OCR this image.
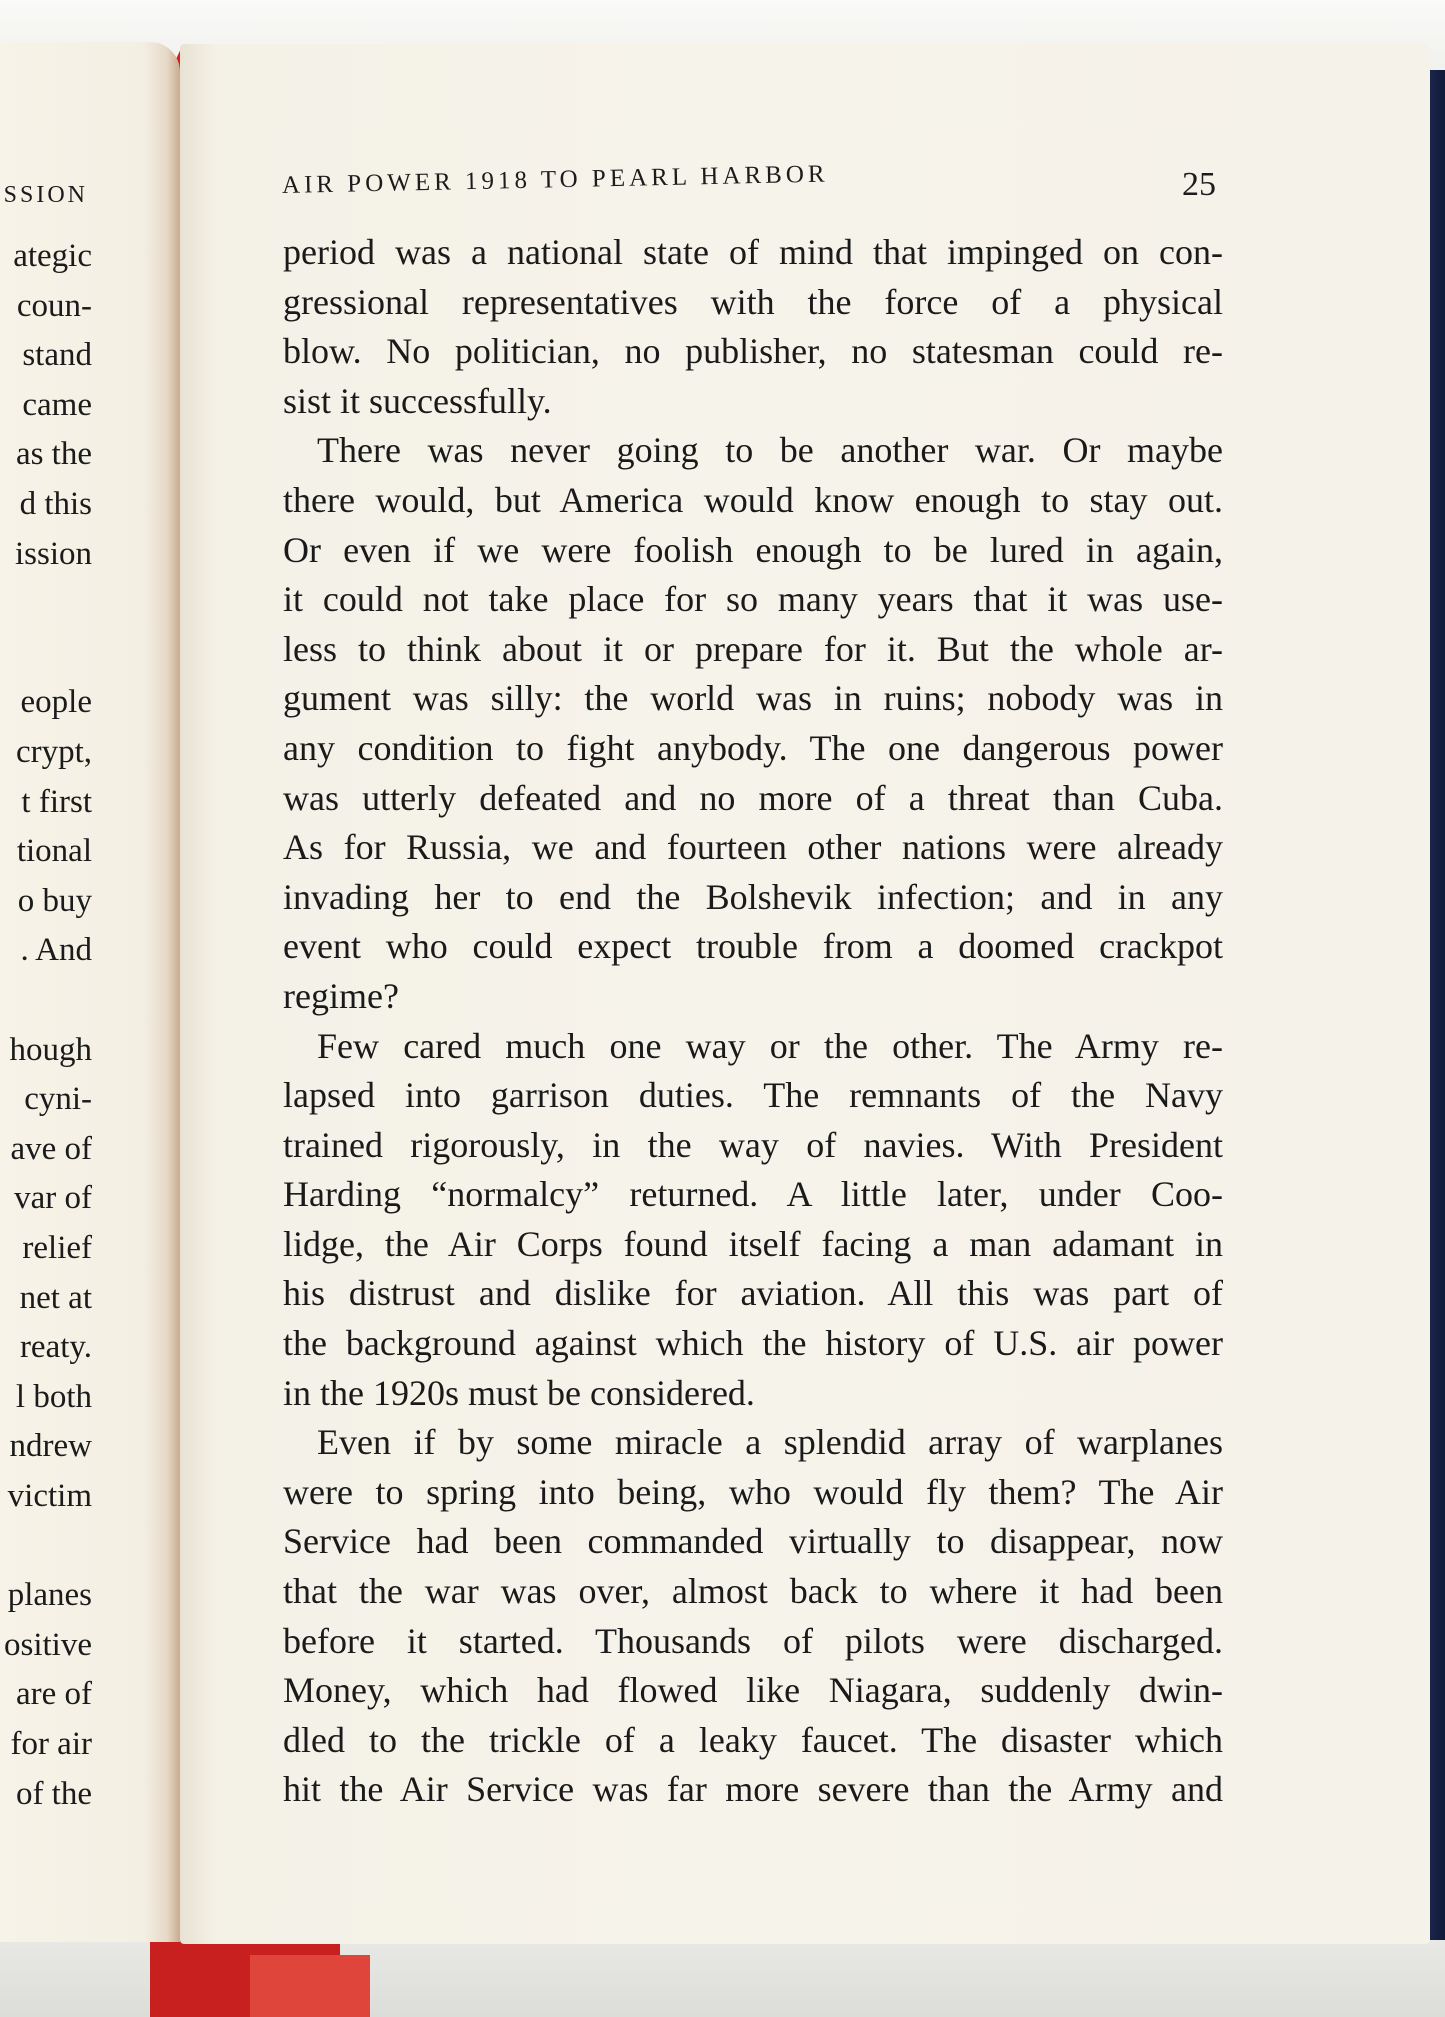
SSION

ategic

coun-

stand

came

as the

d this

ission

eople

crypt,

t first

tional

o buy

. And

hough

cyni-

ave of

var of

relief

net at

reaty.

l both

ndrew

victim

planes

ositive

are of

for air

of the

AIR POWER 1918 TO PEARL HARBOR	25

period was a national state of mind that impinged on con-
gressional representatives with the force of a physical
blow. No politician, no publisher, no statesman could re-
sist it successfully.
There was never going to be another war. Or maybe
there would, but America would know enough to stay out.
Or even if we were foolish enough to be lured in again,
it could not take place for so many years that it was use-
less to think about it or prepare for it. But the whole ar-
gument was silly: the world was in ruins; nobody was in
any condition to fight anybody. The one dangerous power
was utterly defeated and no more of a threat than Cuba.
As for Russia, we and fourteen other nations were already
invading her to end the Bolshevik infection; and in any
event who could expect trouble from a doomed crackpot
regime?
Few cared much one way or the other. The Army re-
lapsed into garrison duties. The remnants of the Navy
trained rigorously, in the way of navies. With President
Harding “normalcy” returned. A little later, under Coo-
lidge, the Air Corps found itself facing a man adamant in
his distrust and dislike for aviation. All this was part of
the background against which the history of U.S. air power
in the 1920s must be considered.
Even if by some miracle a splendid array of warplanes
were to spring into being, who would fly them? The Air
Service had been commanded virtually to disappear, now
that the war was over, almost back to where it had been
before it started. Thousands of pilots were discharged.
Money, which had flowed like Niagara, suddenly dwin-
dled to the trickle of a leaky faucet. The disaster which
hit the Air Service was far more severe than the Army and
